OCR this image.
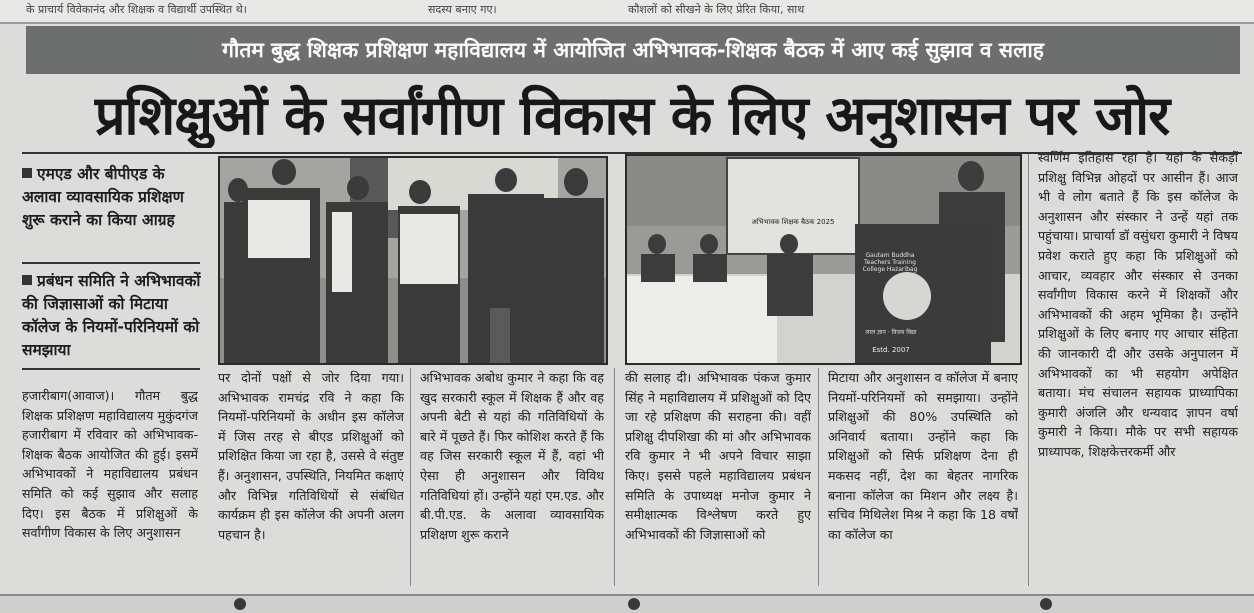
के प्राचार्य विवेकानंद और शिक्षक व विद्यार्थी उपस्थित थे।	सदस्य बनाए गए।	कौशलों को सीखने के लिए प्रेरित किया, साथ
गौतम बुद्ध शिक्षक प्रशिक्षण महाविद्यालय में आयोजित अभिभावक-शिक्षक बैठक में आए कई सुझाव व सलाह
प्रशिक्षुओं के सर्वांगीण विकास के लिए अनुशासन पर जोर
एमएड और बीपीएड के अलावा व्यावसायिक प्रशिक्षण शुरू कराने का किया आग्रह
प्रबंधन समिति ने अभिभावकों की जिज्ञासाओं को मिटाया कॉलेज के नियमों-परिनियमों को समझाया
अभिभावक शिक्षक बैठक 2025
Gautam Buddha Teachers Training College Hazaribag
Estd. 2007
लाल ज्ञान · विजय विद्या

हजारीबाग(आवाज)। गौतम बुद्ध शिक्षक प्रशिक्षण महाविद्यालय मुकुंदगंज हजारीबाग में रविवार को अभिभावक-शिक्षक बैठक आयोजित की हुई। इसमें अभिभावकों ने महाविद्यालय प्रबंधन समिति को कई सुझाव और सलाह दिए। इस बैठक में प्रशिक्षुओं के सर्वांगीण विकास के लिए अनुशासन

पर दोनों पक्षों से जोर दिया गया। अभिभावक रामचंद्र रवि ने कहा कि नियमों-परिनियमों के अधीन इस कॉलेज में जिस तरह से बीएड प्रशिक्षुओं को प्रशिक्षित किया जा रहा है, उससे वे संतुष्ट हैं। अनुशासन, उपस्थिति, नियमित कक्षाएं और विभिन्न गतिविधियों से संबंधित कार्यक्रम ही इस कॉलेज की अपनी अलग पहचान है।

अभिभावक अबोध कुमार ने कहा कि वह खुद सरकारी स्कूल में शिक्षक हैं और वह अपनी बेटी से यहां की गतिविधियों के बारे में पूछते हैं। फिर कोशिश करते हैं कि वह जिस सरकारी स्कूल में हैं, वहां भी ऐसा ही अनुशासन और विविध गतिविधियां हों। उन्होंने यहां एम.एड. और बी.पी.एड. के अलावा व्यावसायिक प्रशिक्षण शुरू कराने

की सलाह दी। अभिभावक पंकज कुमार सिंह ने महाविद्यालय में प्रशिक्षुओं को दिए जा रहे प्रशिक्षण की सराहना की। वहीं प्रशिक्षु दीपशिखा की मां और अभिभावक रवि कुमार ने भी अपने विचार साझा किए। इससे पहले महाविद्यालय प्रबंधन समिति के उपाध्यक्ष मनोज कुमार ने समीक्षात्मक विश्लेषण करते हुए अभिभावकों की जिज्ञासाओं को

मिटाया और अनुशासन व कॉलेज में बनाए नियमों-परिनियमों को समझाया। उन्होंने प्रशिक्षुओं की 80% उपस्थिति को अनिवार्य बताया। उन्होंने कहा कि प्रशिक्षुओं को सिर्फ प्रशिक्षण देना ही मकसद नहीं, देश का बेहतर नागरिक बनाना कॉलेज का मिशन और लक्ष्य है। सचिव मिथिलेश मिश्र ने कहा कि 18 वर्षों का कॉलेज का

स्वर्णिम इतिहास रहा है। यहां के सैकड़ों प्रशिक्षु विभिन्न ओहदों पर आसीन हैं। आज भी वे लोग बताते हैं कि इस कॉलेज के अनुशासन और संस्कार ने उन्हें यहां तक पहुंचाया। प्राचार्या डॉ वसुंधरा कुमारी ने विषय प्रवेश कराते हुए कहा कि प्रशिक्षुओं को आचार, व्यवहार और संस्कार से उनका सर्वांगीण विकास करने में शिक्षकों और अभिभावकों की अहम भूमिका है। उन्होंने प्रशिक्षुओं के लिए बनाए गए आचार संहिता की जानकारी दी और उसके अनुपालन में अभिभावकों का भी सहयोग अपेक्षित बताया। मंच संचालन सहायक प्राध्यापिका कुमारी अंजलि और धन्यवाद ज्ञापन वर्षा कुमारी ने किया। मौके पर सभी सहायक प्राध्यापक, शिक्षकेत्तरकर्मी और
